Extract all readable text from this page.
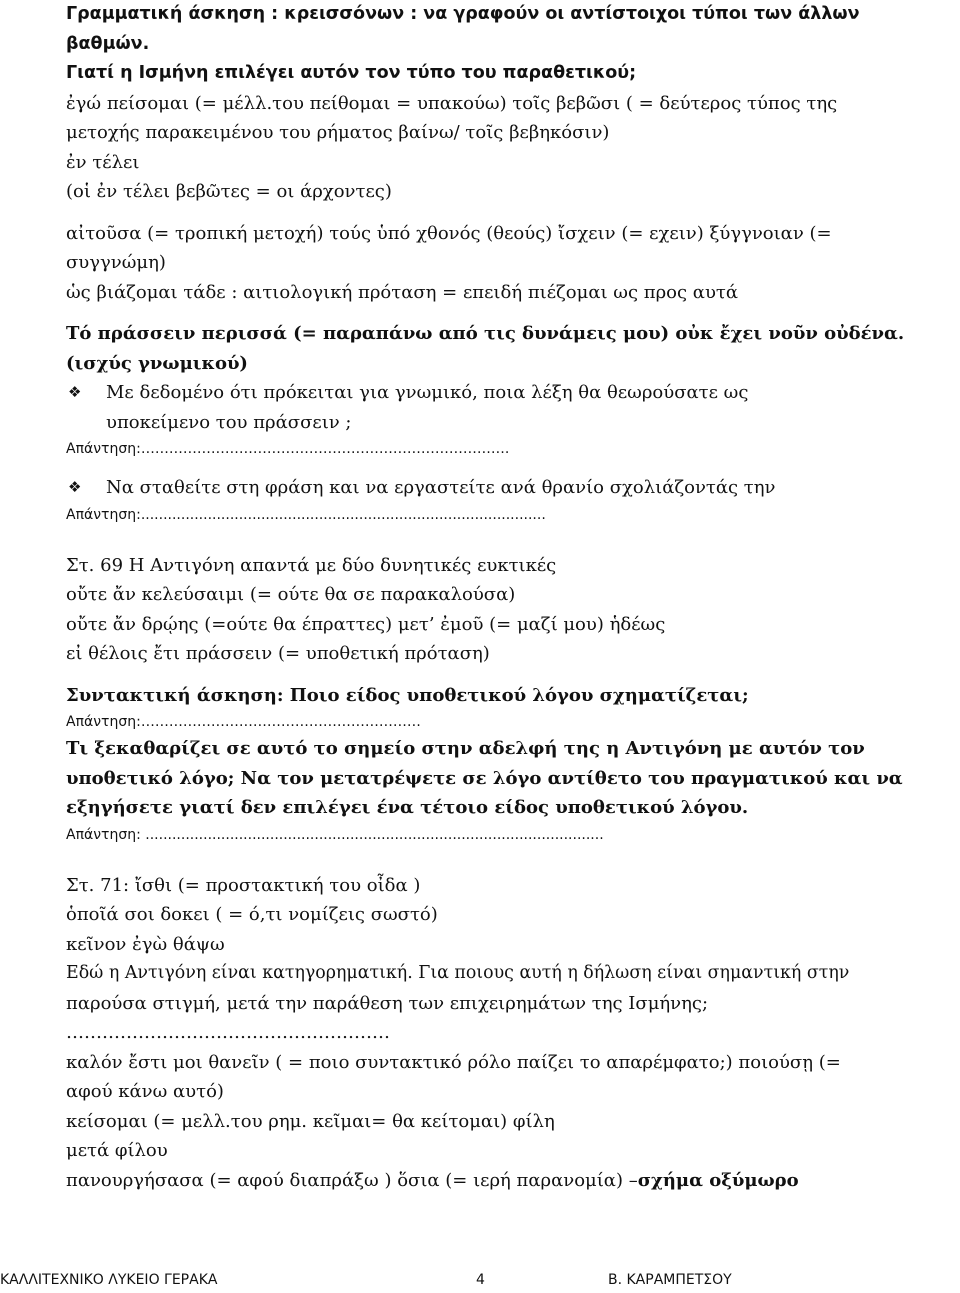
Γραμματική άσκηση : κρεισσόνων : να γραφούν οι αντίστοιχοι τύποι των άλλων
βαθμών.
Γιατί η Ισμήνη επιλέγει αυτόν τον τύπο του παραθετικού;
ἐγώ πείσομαι (= μέλλ.του πείθομαι = υπακούω) τοῖς βεβῶσι ( = δεύτερος τύπος της
μετοχής παρακειμένου του ρήματος βαίνω/ τοῖς βεβηκόσιν)
ἐν τέλει
(οἱ ἐν τέλει βεβῶτες = οι άρχοντες)
αἰτοῦσα (= τροπική μετοχή) τούς ὑπό χθονός (θεούς) ἴσχειν (= εχειν) ξύγγνοιαν (=
συγγνώμη)
ὡς βιάζομαι τάδε : αιτιολογική πρόταση = επειδή πιέζομαι ως προς αυτά
Τό πράσσειν περισσά (= παραπάνω από τις δυνάμεις μου) οὐκ ἔχει νοῦν οὐδένα.
(ισχύς γνωμικού)
❖	Με δεδομένο ότι πρόκειται για γνωμικό, ποια λέξη θα θεωρούσατε ως
υποκείμενο του πράσσειν ;
Απάντηση:…………………………………………………………………….
❖	Να σταθείτε στη φράση και να εργαστείτε ανά θρανίο σχολιάζοντάς την
Απάντηση:...........................................................................................
Στ. 69 Η Αντιγόνη απαντά με δύο δυνητικές ευκτικές
οὔτε ἄν κελεύσαιμι (= ούτε θα σε παρακαλούσα)
οὔτε ἄν δρῴης (=ούτε θα έπραττες) μετ’ ἐμοῦ (= μαζί μου) ἡδέως
εἰ θέλοις ἔτι πράσσειν (= υποθετική πρόταση)
Συντακτική άσκηση: Ποιο είδος υποθετικού λόγου σχηματίζεται;
Απάντηση:……………………………………………………
Τι ξεκαθαρίζει σε αυτό το σημείο στην αδελφή της η Αντιγόνη με αυτόν τον
υποθετικό λόγο; Να τον μετατρέψετε σε λόγο αντίθετο του πραγματικού και να
εξηγήσετε γιατί δεν επιλέγει ένα τέτοιο είδος υποθετικού λόγου.
Απάντηση: .......................................................................................................
Στ. 71: ἴσθι (= προστακτική του οἶδα )
ὁποῖά σοι δοκει ( = ό,τι νομίζεις σωστό)
κεῖνον ἐγὼ θάψω
Εδώ η Αντιγόνη είναι κατηγορηματική. Για ποιους αυτή η δήλωση είναι σημαντική στην
παρούσα στιγμή, μετά την παράθεση των επιχειρημάτων της Ισμήνης;
………………………………………………
καλόν ἔστι μοι θανεῖν ( = ποιο συντακτικό ρόλο παίζει το απαρέμφατο;) ποιούσῃ (=
αφού κάνω αυτό)
κείσομαι (= μελλ.του ρημ. κεῖμαι= θα κείτομαι) φίλη
μετά φίλου
πανουργήσασα (= αφού διαπράξω ) ὅσια (= ιερή παρανομία) –σχήμα οξύμωρο
ΚΑΛΛΙΤΕΧΝΙΚΟ ΛΥΚΕΙΟ ΓΕΡΑΚΑ	4	Β. ΚΑΡΑΜΠΕΤΣΟΥ
